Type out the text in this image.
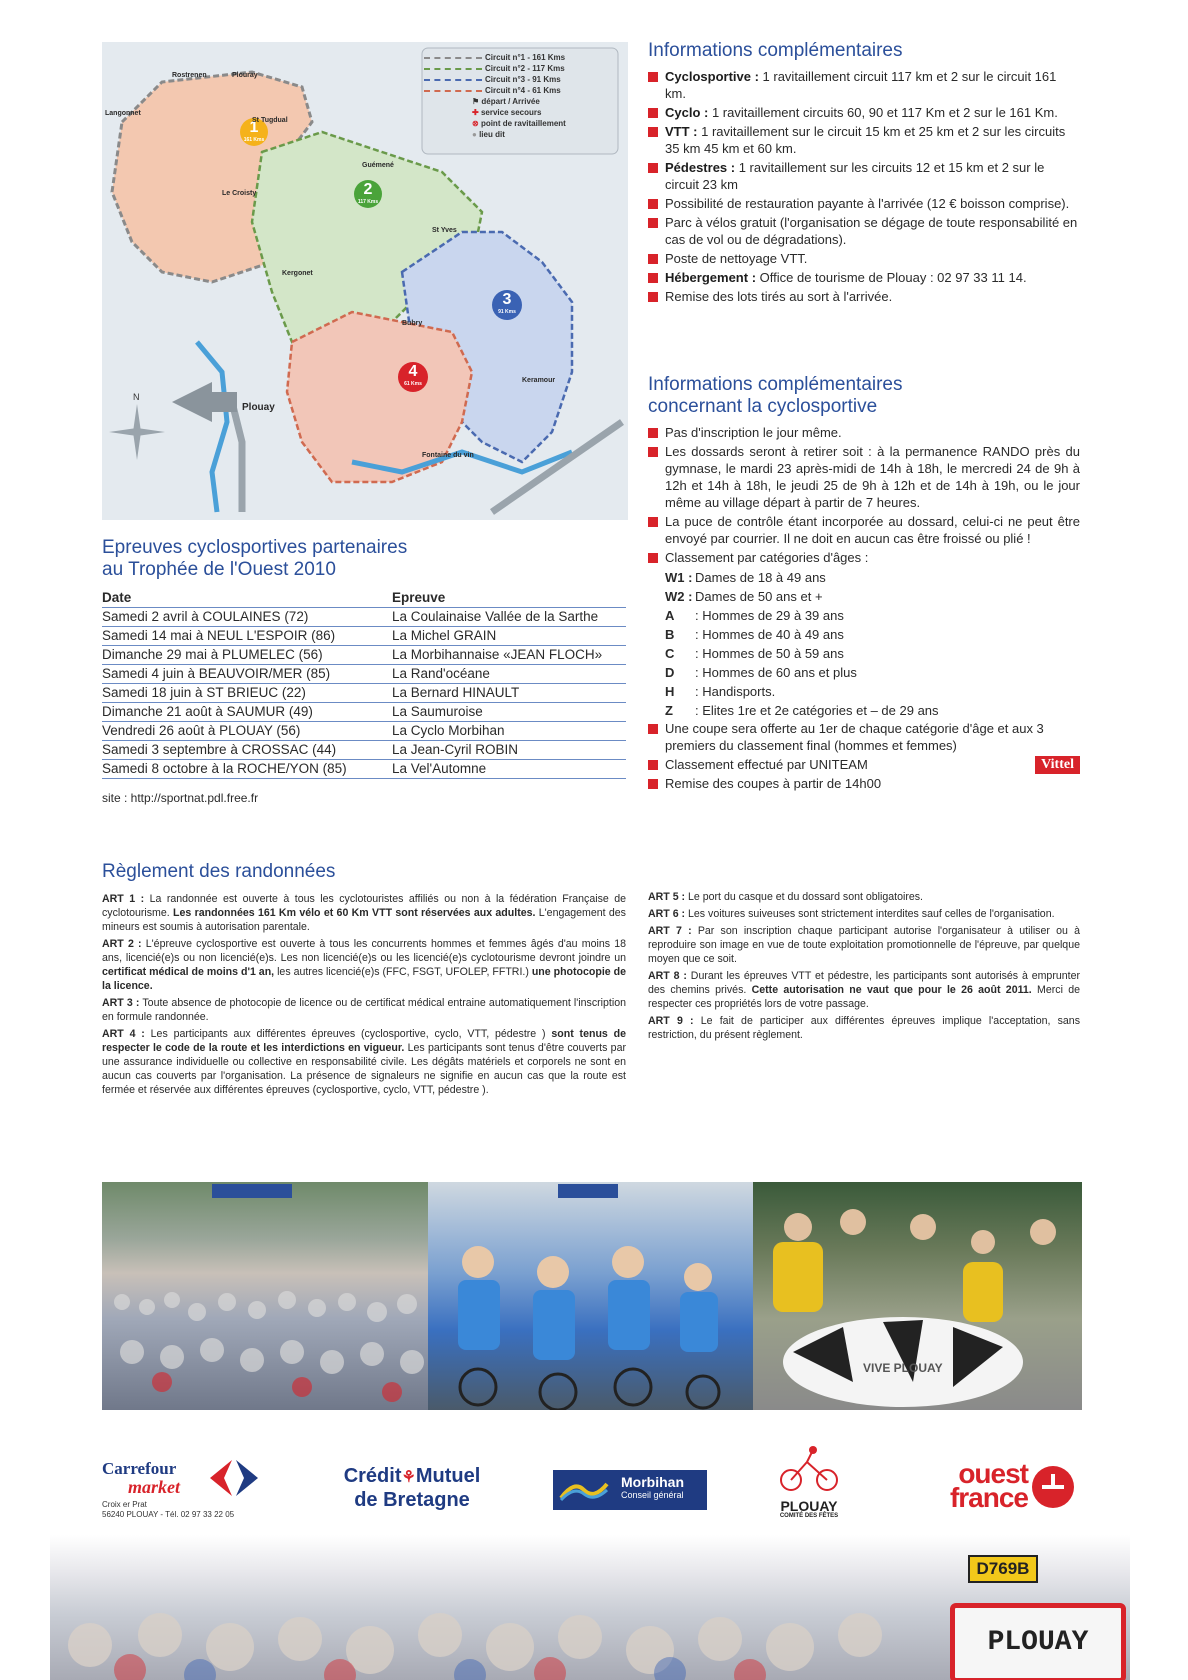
N
Circuit n°1 - 161 Kms
Circuit n°2 - 117 Kms
Circuit n°3 - 91 Kms
Circuit n°4 - 61 Kms
⚑ départ / Arrivée
✚ service secours
⊗ point de ravitaillement
● lieu dit
1
161 Kms
2
117 Kms
3
91 Kms
4
61 Kms
Plouray
Rostrenen
Langonnet
St Tugdual
Guémené
Le Croisty
St Yves
Kergonet
Bubry
Plouay
Keramour
Fontaine du vin
Informations complémentaires
Cyclosportive : 1 ravitaillement circuit 117 km et 2 sur le circuit 161 km.
Cyclo : 1 ravitaillement circuits 60, 90 et 117 Km et 2 sur le 161 Km.
VTT : 1 ravitaillement sur le circuit 15 km et 25 km et 2 sur les circuits 35 km 45 km et 60 km.
Pédestres : 1 ravitaillement sur les circuits 12 et 15 km et 2 sur le circuit 23 km
Possibilité de restauration payante à l'arrivée (12 € boisson comprise).
Parc à vélos gratuit (l'organisation se dégage de toute responsabilité en cas de vol ou de dégradations).
Poste de nettoyage VTT.
Hébergement : Office de tourisme de Plouay : 02 97 33 11 14.
Remise des lots tirés au sort à l'arrivée.
Informations complémentaires
concernant la cyclosportive
Pas d'inscription le jour même.
Les dossards seront à retirer soit : à la permanence RANDO près du gymnase, le mardi 23 après-midi de 14h à 18h, le mercredi 24 de 9h à 12h et 14h à 18h, le jeudi 25 de 9h à 12h et de 14h à 19h, ou le jour même au village départ à partir de 7 heures.
La puce de contrôle étant incorporée au dossard, celui-ci ne peut être envoyé par courrier. Il ne doit en aucun cas être froissé ou plié !
Classement par catégories d'âges :
W1 : Dames de 18 à 49 ans
W2 : Dames de 50 ans et +
A : Hommes de 29 à 39 ans
B : Hommes de 40 à 49 ans
C : Hommes de 50 à 59 ans
D : Hommes de 60 ans et plus
H : Handisports.
Z : Elites 1re et 2e catégories et – de 29 ans
Une coupe sera offerte au 1er de chaque catégorie d'âge et aux 3 premiers du classement final (hommes et femmes)
Classement effectué par UNITEAM	Vittel
Remise des coupes à partir de 14h00
Epreuves cyclosportives partenaires
au Trophée de l'Ouest 2010
Date	Epreuve
Samedi 2 avril à COULAINES (72)	La Coulainaise Vallée de la Sarthe
Samedi 14 mai à NEUL L'ESPOIR (86)	La Michel GRAIN
Dimanche 29 mai à PLUMELEC (56)	La Morbihannaise «JEAN FLOCH»
Samedi 4 juin à BEAUVOIR/MER (85)	La Rand'océane
Samedi 18 juin à ST BRIEUC (22)	La Bernard HINAULT
Dimanche 21 août à SAUMUR (49)	La Saumuroise
Vendredi 26 août à PLOUAY (56)	La Cyclo Morbihan
Samedi 3 septembre à CROSSAC (44)	La Jean-Cyril ROBIN
Samedi 8 octobre à la ROCHE/YON (85)	La Vel'Automne
site : http://sportnat.pdl.free.fr
Règlement des randonnées

ART 1 : La randonnée est ouverte à tous les cyclotouristes affiliés ou non à la fédération Française de cyclotourisme. Les randonnées 161 Km vélo et 60 Km VTT sont réservées aux adultes. L'engagement des mineurs est soumis à autorisation parentale.

ART 2 : L'épreuve cyclosportive est ouverte à tous les concurrents hommes et femmes âgés d'au moins 18 ans, licencié(e)s ou non licencié(e)s. Les non licencié(e)s ou les licencié(e)s cyclotourisme devront joindre un certificat médical de moins d'1 an, les autres licencié(e)s (FFC, FSGT, UFOLEP, FFTRI.) une photocopie de la licence.

ART 3 : Toute absence de photocopie de licence ou de certificat médical entraine automatiquement l'inscription en formule randonnée.

ART 4 : Les participants aux différentes épreuves (cyclosportive, cyclo, VTT, pédestre ) sont tenus de respecter le code de la route et les interdictions en vigueur. Les participants sont tenus d'être couverts par une assurance individuelle ou collective en responsabilité civile. Les dégâts matériels et corporels ne sont en aucun cas couverts par l'organisation. La présence de signaleurs ne signifie en aucun cas que la route est fermée et réservée aux différentes épreuves (cyclosportive, cyclo, VTT, pédestre ).

ART 5 : Le port du casque et du dossard sont obligatoires.

ART 6 : Les voitures suiveuses sont strictement interdites sauf celles de l'organisation.

ART 7 : Par son inscription chaque participant autorise l'organisateur à utiliser ou à reproduire son image en vue de toute exploitation promotionnelle de l'épreuve, par quelque moyen que ce soit.

ART 8 : Durant les épreuves VTT et pédestre, les participants sont autorisés à emprunter des chemins privés. Cette autorisation ne vaut que pour le 26 août 2011. Merci de respecter ces propriétés lors de votre passage.

ART 9 : Le fait de participer aux différentes épreuves implique l'acceptation, sans restriction, du présent règlement.

VIVE PLOUAY
Carrefour
market
Croix er Prat
56240 PLOUAY - Tél. 02 97 33 22 05
Crédit⚘Mutuel
de Bretagne
Morbihan
Conseil général
PLOUAY
COMITÉ DES FÊTES
ouest
france
D769B
PLOUAY
